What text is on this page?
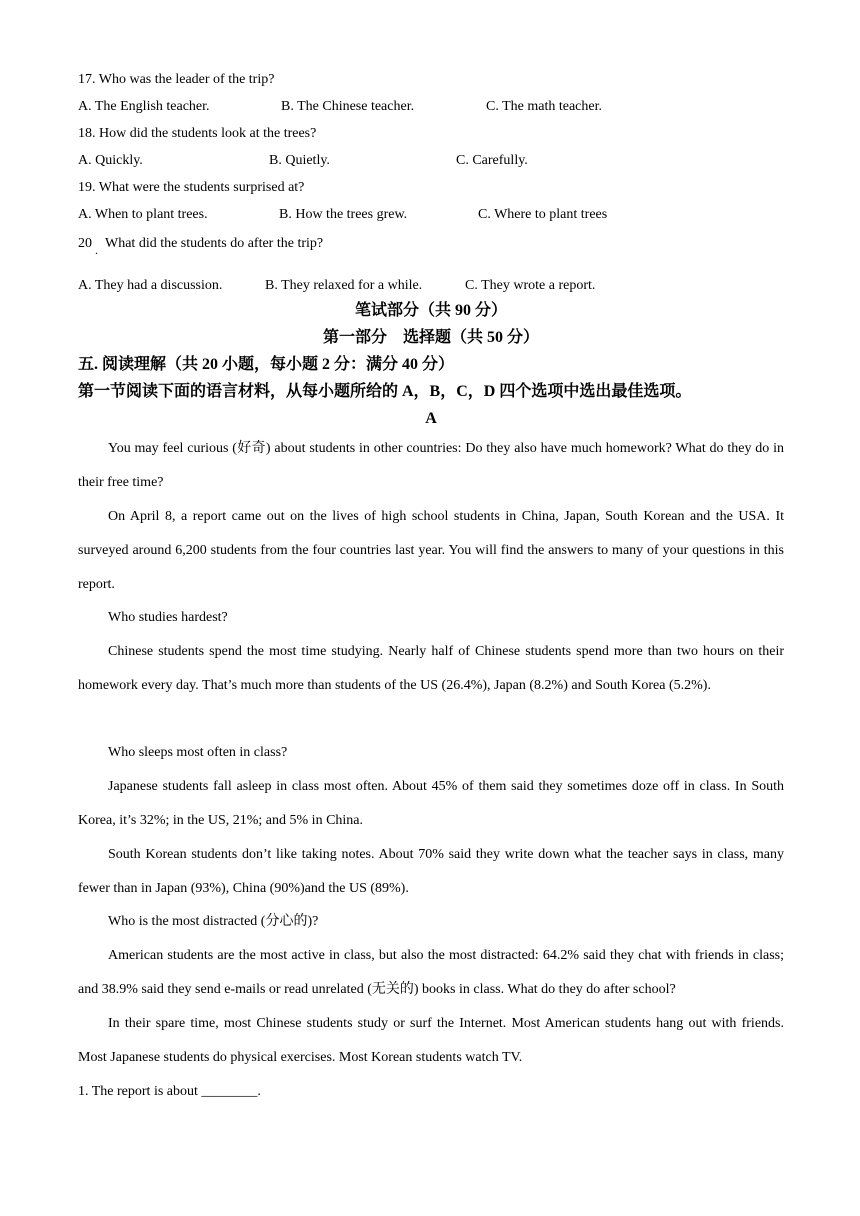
17. Who was the leader of the trip?
A. The English teacher.	B. The Chinese teacher.	C. The math teacher.
18. How did the students look at the trees?
A. Quickly.	B. Quietly.	C. Carefully.
19. What were the students surprised at?
A. When to plant trees.	B. How the trees grew.	C. Where to plant trees
20 . What did the students do after the trip?
A. They had a discussion.	B. They relaxed for a while.	C. They wrote a report.
笔试部分（共 90 分）
第一部分　选择题（共 50 分）
五. 阅读理解（共 20 小题，每小题 2 分：满分 40 分）
第一节阅读下面的语言材料，从每小题所给的 A，B，C，D 四个选项中选出最佳选项。
A
You may feel curious (好奇) about students in other countries: Do they also have much homework? What do they do in their free time?
On April 8, a report came out on the lives of high school students in China, Japan, South Korean and the USA. It surveyed around 6,200 students from the four countries last year. You will find the answers to many of your questions in this report.
Who studies hardest?
Chinese students spend the most time studying. Nearly half of Chinese students spend more than two hours on their homework every day. That’s much more than students of the US (26.4%), Japan (8.2%) and South Korea (5.2%).
Who sleeps most often in class?
Japanese students fall asleep in class most often. About 45% of them said they sometimes doze off in class. In South Korea, it’s 32%; in the US, 21%; and 5% in China.
South Korean students don’t like taking notes. About 70% said they write down what the teacher says in class, many fewer than in Japan (93%), China (90%)and the US (89%).
Who is the most distracted (分心的)?
American students are the most active in class, but also the most distracted: 64.2% said they chat with friends in class; and 38.9% said they send e-mails or read unrelated (无关的) books in class. What do they do after school?
In their spare time, most Chinese students study or surf the Internet. Most American students hang out with friends. Most Japanese students do physical exercises. Most Korean students watch TV.
1. The report is about ________.
